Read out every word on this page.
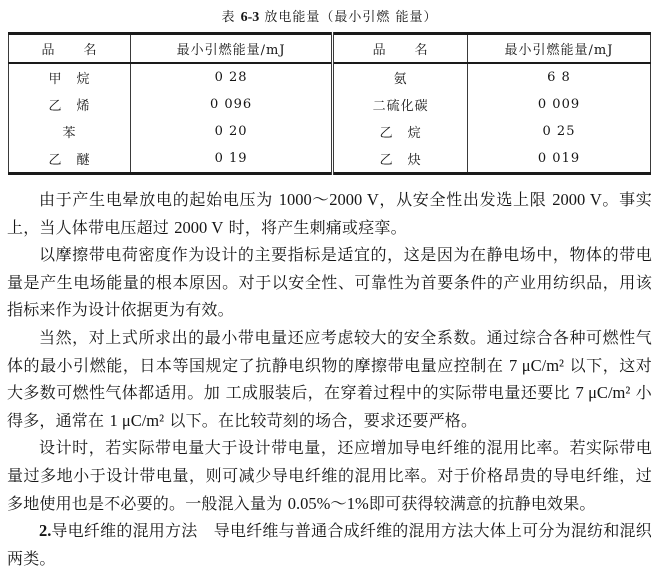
表 6-3 放电能量（最小引燃 能量）
品　　名	最小引燃能量/mJ	品　　名	最小引燃能量/mJ
甲　烷	0 28	氨	6 8
乙　烯	0 096	二硫化碳	0 009
苯	0 20	乙　烷	0 25
乙　醚	0 19	乙　炔	0 019

由于产生电晕放电的起始电压为 1000～2000 V，从安全性出发选上限 2000 V。事实上，当人体带电压超过 2000 V 时，将产生刺痛或痉挛。

以摩擦带电荷密度作为设计的主要指标是适宜的，这是因为在静电场中，物体的带电量是产生电场能量的根本原因。对于以安全性、可靠性为首要条件的产业用纺织品，用该指标来作为设计依据更为有效。

当然，对上式所求出的最小带电量还应考虑较大的安全系数。通过综合各种可燃性气体的最小引燃能，日本等国规定了抗静电织物的摩擦带电量应控制在 7 μC/m² 以下，这对大多数可燃性气体都适用。加 工成服装后，在穿着过程中的实际带电量还要比 7 μC/m² 小得多，通常在 1 μC/m² 以下。在比较苛刻的场合，要求还要严格。

设计时，若实际带电量大于设计带电量，还应增加导电纤维的混用比率。若实际带电量过多地小于设计带电量，则可减少导电纤维的混用比率。对于价格昂贵的导电纤维，过多地使用也是不必要的。一般混入量为 0.05%～1%即可获得较满意的抗静电效果。

2.导电纤维的混用方法　导电纤维与普通合成纤维的混用方法大体上可分为混纺和混织两类。
